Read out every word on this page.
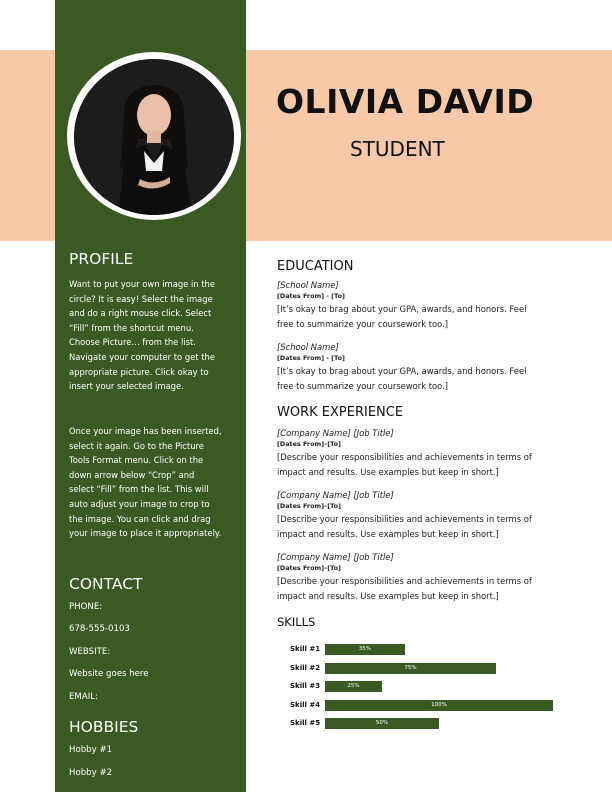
OLIVIA DAVID
STUDENT
PROFILE
Want to put your own image in the
circle? It is easy! Select the image
and do a right mouse click. Select
“Fill” from the shortcut menu.
Choose Picture… from the list.
Navigate your computer to get the
appropriate picture. Click okay to
insert your selected image.
Once your image has been inserted,
select it again. Go to the Picture
Tools Format menu. Click on the
down arrow below “Crop” and
select “Fill” from the list. This will
auto adjust your image to crop to
the image. You can click and drag
your image to place it appropriately.
CONTACT
PHONE:
678-555-0103
WEBSITE:
Website goes here
EMAIL:
HOBBIES
Hobby #1
Hobby #2
EDUCATION
[School Name]
[Dates From] - [To]
[It’s okay to brag about your GPA, awards, and honors. Feel
free to summarize your coursework too.]
[School Name]
[Dates From] - [To]
[It’s okay to brag about your GPA, awards, and honors. Feel
free to summarize your coursework too.]
WORK EXPERIENCE
[Company Name] [Job Title]
[Dates From]–[To]
[Describe your responsibilities and achievements in terms of
impact and results. Use examples but keep in short.]
[Company Name] [Job Title]
[Dates From]–[To]
[Describe your responsibilities and achievements in terms of
impact and results. Use examples but keep in short.]
[Company Name] [Job Title]
[Dates From]–[To]
[Describe your responsibilities and achievements in terms of
impact and results. Use examples but keep in short.]
SKILLS
Skill #1	35%
Skill #2	75%
Skill #3	25%
Skill #4	100%
Skill #5	50%
